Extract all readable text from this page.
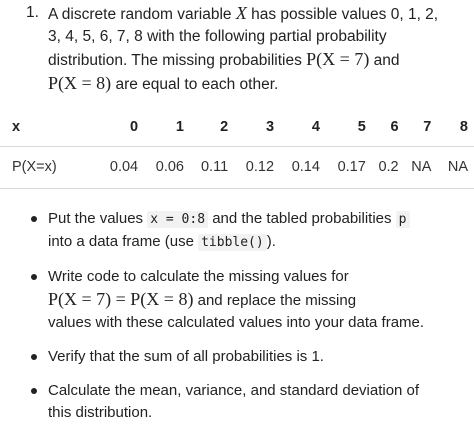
1. A discrete random variable X has possible values 0, 1, 2,
3, 4, 5, 6, 7, 8 with the following partial probability
distribution. The missing probabilities P(X = 7) and
P(X = 8) are equal to each other.
x	0	1	2	3	4	5	6	7	8
P(X=x)	0.04	0.06	0.11	0.12	0.14	0.17	0.2	NA	NA
Put the values x = 0:8 and the tabled probabilities p
into a data frame (use tibble() ).
Write code to calculate the missing values for
P(X = 7) = P(X = 8) and replace the missing
values with these calculated values into your data frame.
Verify that the sum of all probabilities is 1.
Calculate the mean, variance, and standard deviation of
this distribution.
